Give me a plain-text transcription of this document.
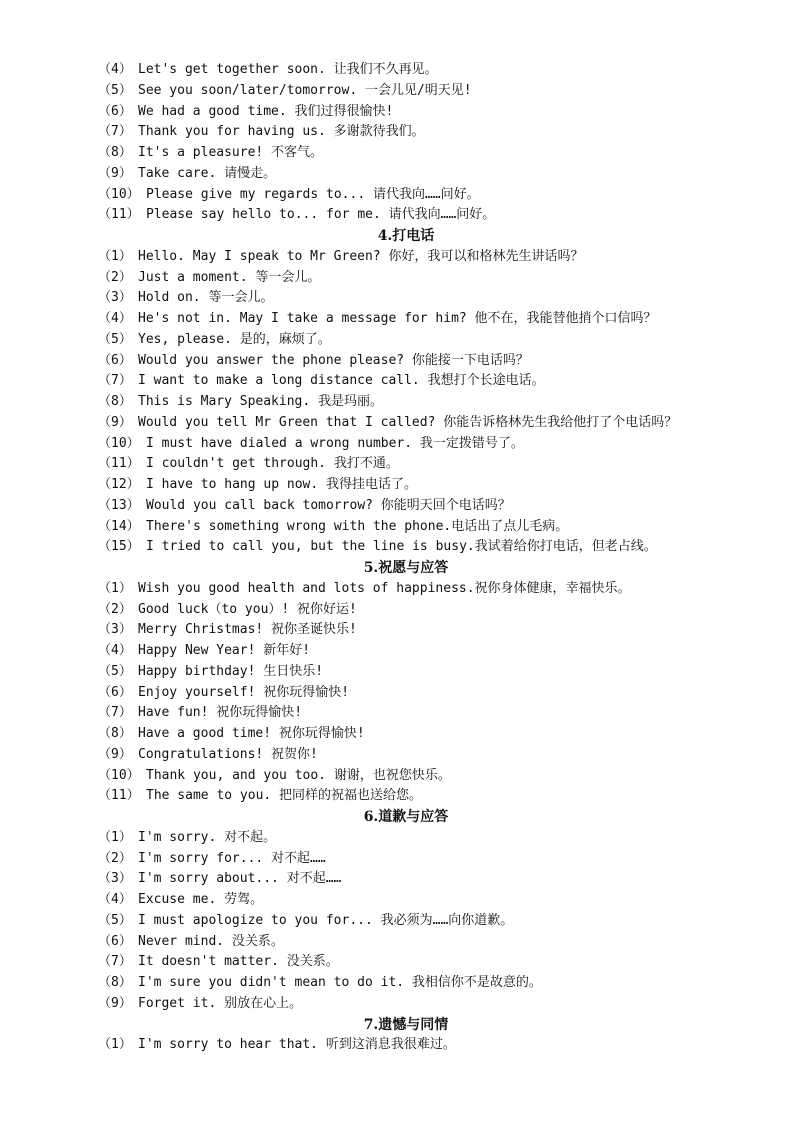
（4） Let's get together soon. 让我们不久再见。
（5） See you soon/later/tomorrow. 一会儿见/明天见!
（6） We had a good time. 我们过得很愉快!
（7） Thank you for having us. 多谢款待我们。
（8） It's a pleasure! 不客气。
（9） Take care. 请慢走。
（10） Please give my regards to... 请代我向……问好。
（11） Please say hello to... for me. 请代我向……问好。
4.打电话
（1） Hello. May I speak to Mr Green? 你好，我可以和格林先生讲话吗？
（2） Just a moment. 等一会儿。
（3） Hold on. 等一会儿。
（4） He's not in. May I take a message for him? 他不在，我能替他捎个口信吗？
（5） Yes, please. 是的，麻烦了。
（6） Would you answer the phone please? 你能接一下电话吗？
（7） I want to make a long distance call. 我想打个长途电话。
（8） This is Mary Speaking. 我是玛丽。
（9） Would you tell Mr Green that I called? 你能告诉格林先生我给他打了个电话吗？
（10） I must have dialed a wrong number. 我一定拨错号了。
（11） I couldn't get through. 我打不通。
（12） I have to hang up now. 我得挂电话了。
（13） Would you call back tomorrow? 你能明天回个电话吗？
（14） There's something wrong with the phone.电话出了点儿毛病。
（15） I tried to call you, but the line is busy.我试着给你打电话，但老占线。
5.祝愿与应答
（1） Wish you good health and lots of happiness.祝你身体健康，幸福快乐。
（2） Good luck（to you）! 祝你好运!
（3） Merry Christmas! 祝你圣诞快乐!
（4） Happy New Year! 新年好!
（5） Happy birthday! 生日快乐!
（6） Enjoy yourself! 祝你玩得愉快!
（7） Have fun! 祝你玩得愉快!
（8） Have a good time! 祝你玩得愉快!
（9） Congratulations! 祝贺你!
（10） Thank you, and you too. 谢谢，也祝您快乐。
（11） The same to you. 把同样的祝福也送给您。
6.道歉与应答
（1） I'm sorry. 对不起。
（2） I'm sorry for... 对不起……
（3） I'm sorry about... 对不起……
（4） Excuse me. 劳驾。
（5） I must apologize to you for... 我必须为……向你道歉。
（6） Never mind. 没关系。
（7） It doesn't matter. 没关系。
（8） I'm sure you didn't mean to do it. 我相信你不是故意的。
（9） Forget it. 别放在心上。
7.遗憾与同情
（1） I'm sorry to hear that. 听到这消息我很难过。
